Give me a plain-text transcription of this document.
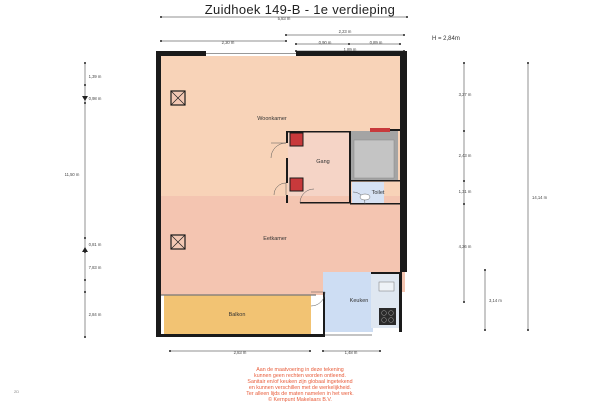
Zuidhoek 149-B - 1e verdieping
H = 2,84m
Woonkamer
Gang
Toilet
Eetkamer
Keuken
Balkon
5,83 m
2,30 m
2,23 m
0,90 m	0,89 m
1,89 m
1,39 m
0,98 m
11,50 m
0,81 m
7,83 m
2,84 m
14,14 m
3,27 m
2,43 m
1,31 m
4,26 m
3,14 m
2,83 m	1,48 m
Aan de maatvoering in deze tekening
kunnen geen rechten worden ontleend.
Sanitair en/of keuken zijn globaal ingetekend
en kunnen verschillen met de werkelijkheid.
Ter alleen lijds de maten namelen in het werk.
© Kernpunt Makelaars B.V.
2D
